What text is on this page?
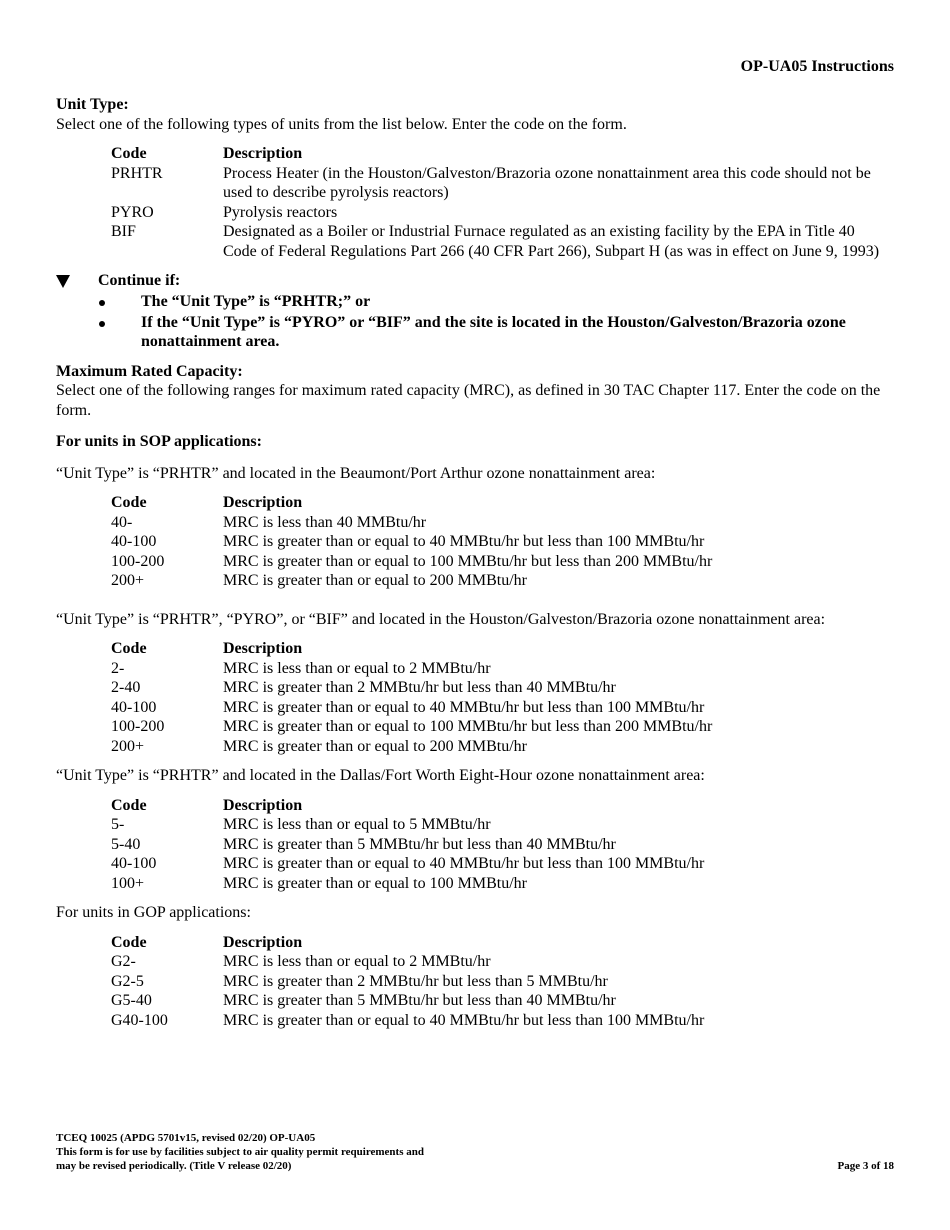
OP-UA05 Instructions

Unit Type:

Select one of the following types of units from the list below. Enter the code on the form.

Code	Description
PRHTR	Process Heater (in the Houston/Galveston/Brazoria ozone nonattainment area this code should not be used to describe pyrolysis reactors)
PYRO	Pyrolysis reactors
BIF	Designated as a Boiler or Industrial Furnace regulated as an existing facility by the EPA in Title 40 Code of Federal Regulations Part 266 (40 CFR Part 266), Subpart H (as was in effect on June 9, 1993)
Continue if:
The “Unit Type” is “PRHTR;” or
If the “Unit Type” is “PYRO” or “BIF” and the site is located in the Houston/Galveston/Brazoria ozone nonattainment area.

Maximum Rated Capacity:

Select one of the following ranges for maximum rated capacity (MRC), as defined in 30 TAC Chapter 117. Enter the code on the form.

For units in SOP applications:

“Unit Type” is “PRHTR” and located in the Beaumont/Port Arthur ozone nonattainment area:

Code	Description
40-	MRC is less than 40 MMBtu/hr
40-100	MRC is greater than or equal to 40 MMBtu/hr but less than 100 MMBtu/hr
100-200	MRC is greater than or equal to 100 MMBtu/hr but less than 200 MMBtu/hr
200+	MRC is greater than or equal to 200 MMBtu/hr

“Unit Type” is “PRHTR”, “PYRO”, or “BIF” and located in the Houston/Galveston/Brazoria ozone nonattainment area:

Code	Description
2-	MRC is less than or equal to 2 MMBtu/hr
2-40	MRC is greater than 2 MMBtu/hr but less than 40 MMBtu/hr
40-100	MRC is greater than or equal to 40 MMBtu/hr but less than 100 MMBtu/hr
100-200	MRC is greater than or equal to 100 MMBtu/hr but less than 200 MMBtu/hr
200+	MRC is greater than or equal to 200 MMBtu/hr

“Unit Type” is “PRHTR” and located in the Dallas/Fort Worth Eight-Hour ozone nonattainment area:

Code	Description
5-	MRC is less than or equal to 5 MMBtu/hr
5-40	MRC is greater than 5 MMBtu/hr but less than 40 MMBtu/hr
40-100	MRC is greater than or equal to 40 MMBtu/hr but less than 100 MMBtu/hr
100+	MRC is greater than or equal to 100 MMBtu/hr

For units in GOP applications:

Code	Description
G2-	MRC is less than or equal to 2 MMBtu/hr
G2-5	MRC is greater than 2 MMBtu/hr but less than 5 MMBtu/hr
G5-40	MRC is greater than 5 MMBtu/hr but less than 40 MMBtu/hr
G40-100	MRC is greater than or equal to 40 MMBtu/hr but less than 100 MMBtu/hr
TCEQ 10025 (APDG 5701v15, revised 02/20) OP-UA05
This form is for use by facilities subject to air quality permit requirements and
may be revised periodically. (Title V release 02/20)	Page 3 of 18
